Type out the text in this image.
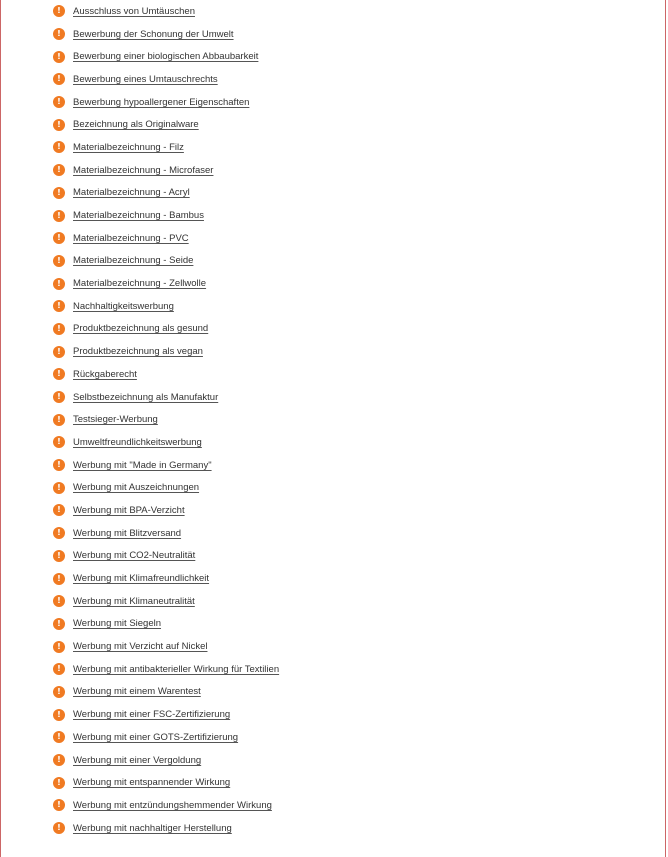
!	Ausschluss von Umtäuschen
!	Bewerbung der Schonung der Umwelt
!	Bewerbung einer biologischen Abbaubarkeit
!	Bewerbung eines Umtauschrechts
!	Bewerbung hypoallergener Eigenschaften
!	Bezeichnung als Originalware
!	Materialbezeichnung - Filz
!	Materialbezeichnung - Microfaser
!	Materialbezeichnung - Acryl
!	Materialbezeichnung - Bambus
!	Materialbezeichnung - PVC
!	Materialbezeichnung - Seide
!	Materialbezeichnung - Zellwolle
!	Nachhaltigkeitswerbung
!	Produktbezeichnung als gesund
!	Produktbezeichnung als vegan
!	Rückgaberecht
!	Selbstbezeichnung als Manufaktur
!	Testsieger-Werbung
!	Umweltfreundlichkeitswerbung
!	Werbung mit "Made in Germany"
!	Werbung mit Auszeichnungen
!	Werbung mit BPA-Verzicht
!	Werbung mit Blitzversand
!	Werbung mit CO2-Neutralität
!	Werbung mit Klimafreundlichkeit
!	Werbung mit Klimaneutralität
!	Werbung mit Siegeln
!	Werbung mit Verzicht auf Nickel
!	Werbung mit antibakterieller Wirkung für Textilien
!	Werbung mit einem Warentest
!	Werbung mit einer FSC-Zertifizierung
!	Werbung mit einer GOTS-Zertifizierung
!	Werbung mit einer Vergoldung
!	Werbung mit entspannender Wirkung
!	Werbung mit entzündungshemmender Wirkung
!	Werbung mit nachhaltiger Herstellung
